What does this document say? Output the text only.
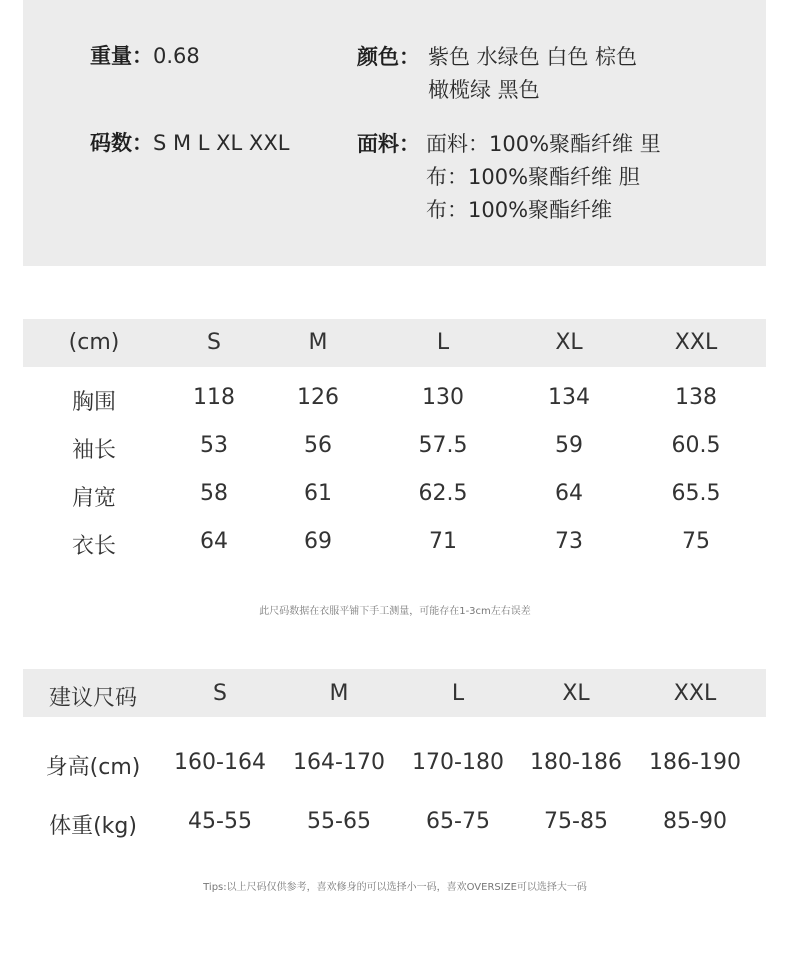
重量：0.68
码数：S M L XL XXL
颜色： 紫色 水绿色 白色 棕色
橄榄绿 黑色
面料： 面料：100%聚酯纤维 里
布：100%聚酯纤维 胆
布：100%聚酯纤维
(cm)	S	M	L	XL	XXL
胸围	118	126	130	134	138
袖长	53	56	57.5	59	60.5
肩宽	58	61	62.5	64	65.5
衣长	64	69	71	73	75
此尺码数据在衣服平铺下手工测量，可能存在1-3cm左右误差
建议尺码	S	M	L	XL	XXL
身高(cm) 160-164 164-170 170-180 180-186 186-190
体重(kg) 45-55	55-65	65-75 75-85	85-90
Tips:以上尺码仅供参考，喜欢修身的可以选择小一码，喜欢OVERSIZE可以选择大一码
